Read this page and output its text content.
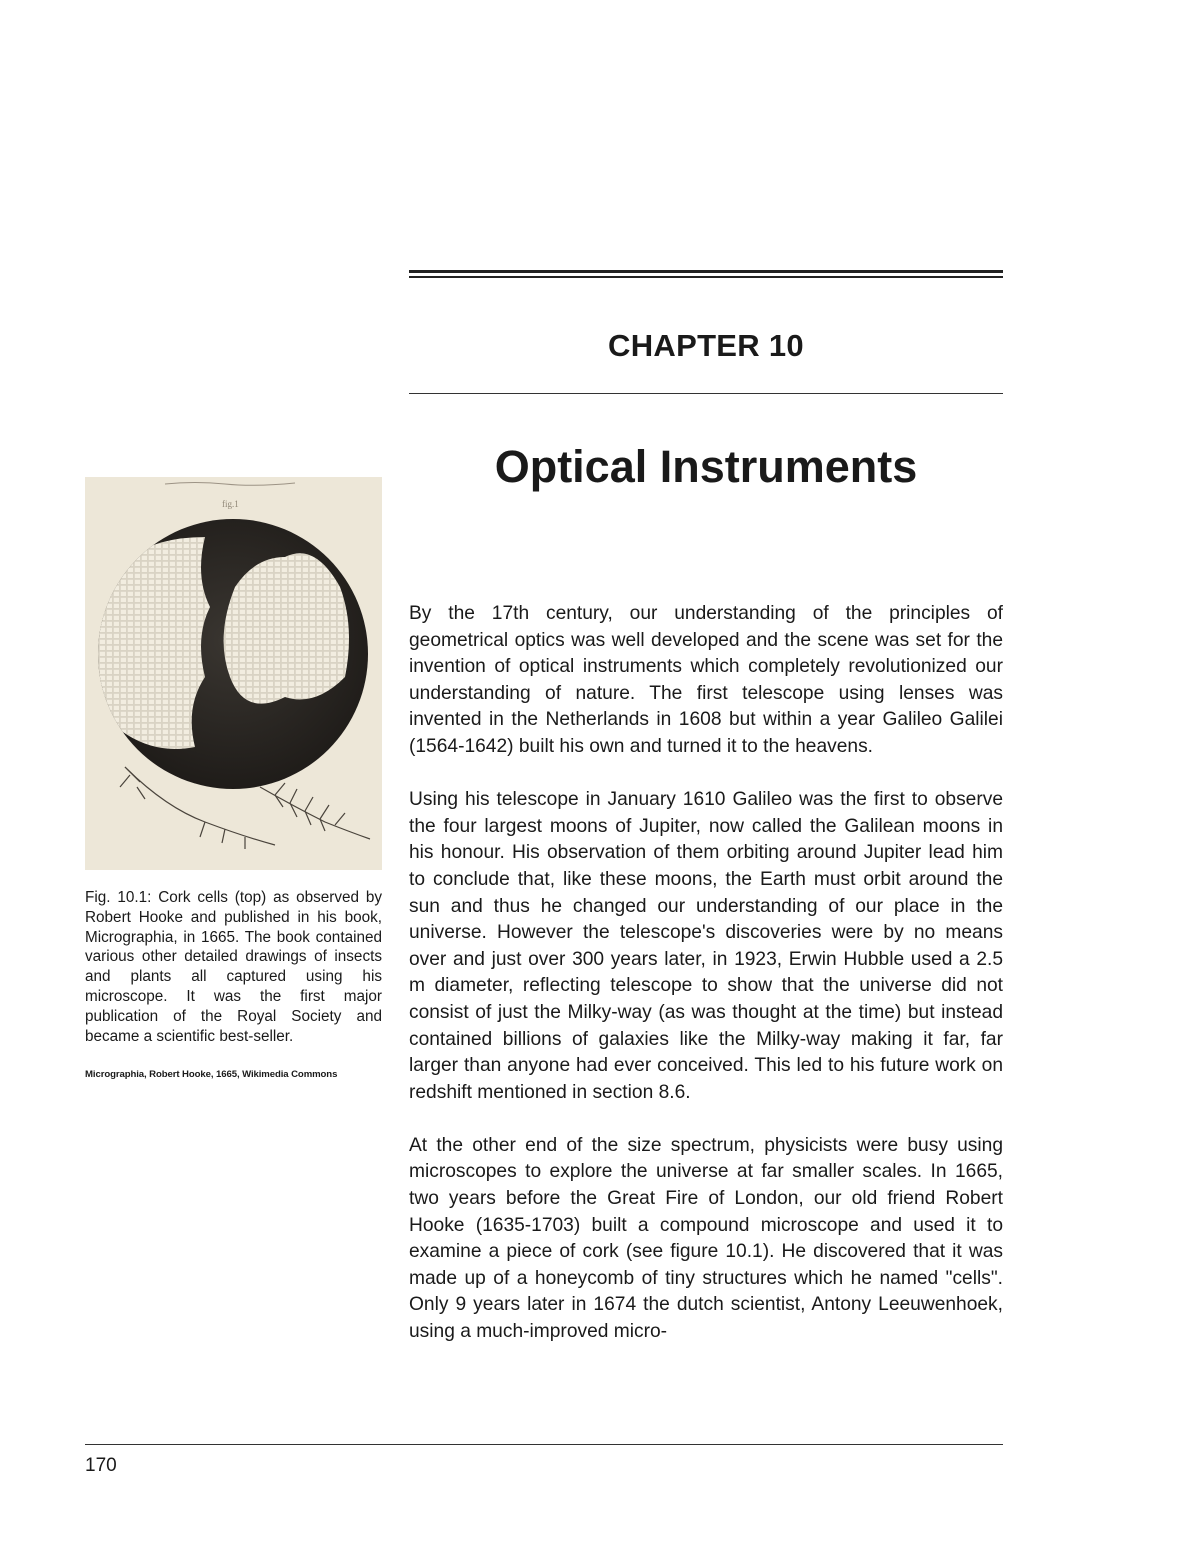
CHAPTER 10
Optical Instruments
fig.1
Fig. 10.1: Cork cells (top) as observed by Robert Hooke and published in his book, Micrographia, in 1665. The book contained various other detailed drawings of insects and plants all captured using his microscope. It was the first major publication of the Royal Society and became a scientific best-seller.
Micrographia, Robert Hooke, 1665, Wikimedia Commons

By the 17th century, our understanding of the principles of geometrical optics was well developed and the scene was set for the invention of optical instruments which completely revolutionized our understanding of nature. The first telescope using lenses was invented in the Netherlands in 1608 but within a year Galileo Galilei (1564-1642) built his own and turned it to the heavens.

Using his telescope in January 1610 Galileo was the first to observe the four largest moons of Jupiter, now called the Galilean moons in his honour. His observation of them orbiting around Jupiter lead him to conclude that, like these moons, the Earth must orbit around the sun and thus he changed our understanding of our place in the universe. However the telescope's discoveries were by no means over and just over 300 years later, in 1923, Erwin Hubble used a 2.5 m diameter, reflecting telescope to show that the universe did not consist of just the Milky-way (as was thought at the time) but instead contained billions of galaxies like the Milky-way making it far, far larger than anyone had ever conceived. This led to his future work on redshift mentioned in section 8.6.

At the other end of the size spectrum, physicists were busy using microscopes to explore the universe at far smaller scales. In 1665, two years before the Great Fire of London, our old friend Robert Hooke (1635-1703) built a compound microscope and used it to examine a piece of cork (see figure 10.1). He discovered that it was made up of a honeycomb of tiny structures which he named "cells". Only 9 years later in 1674 the dutch scientist, Antony Leeuwenhoek, using a much-improved micro-

170
